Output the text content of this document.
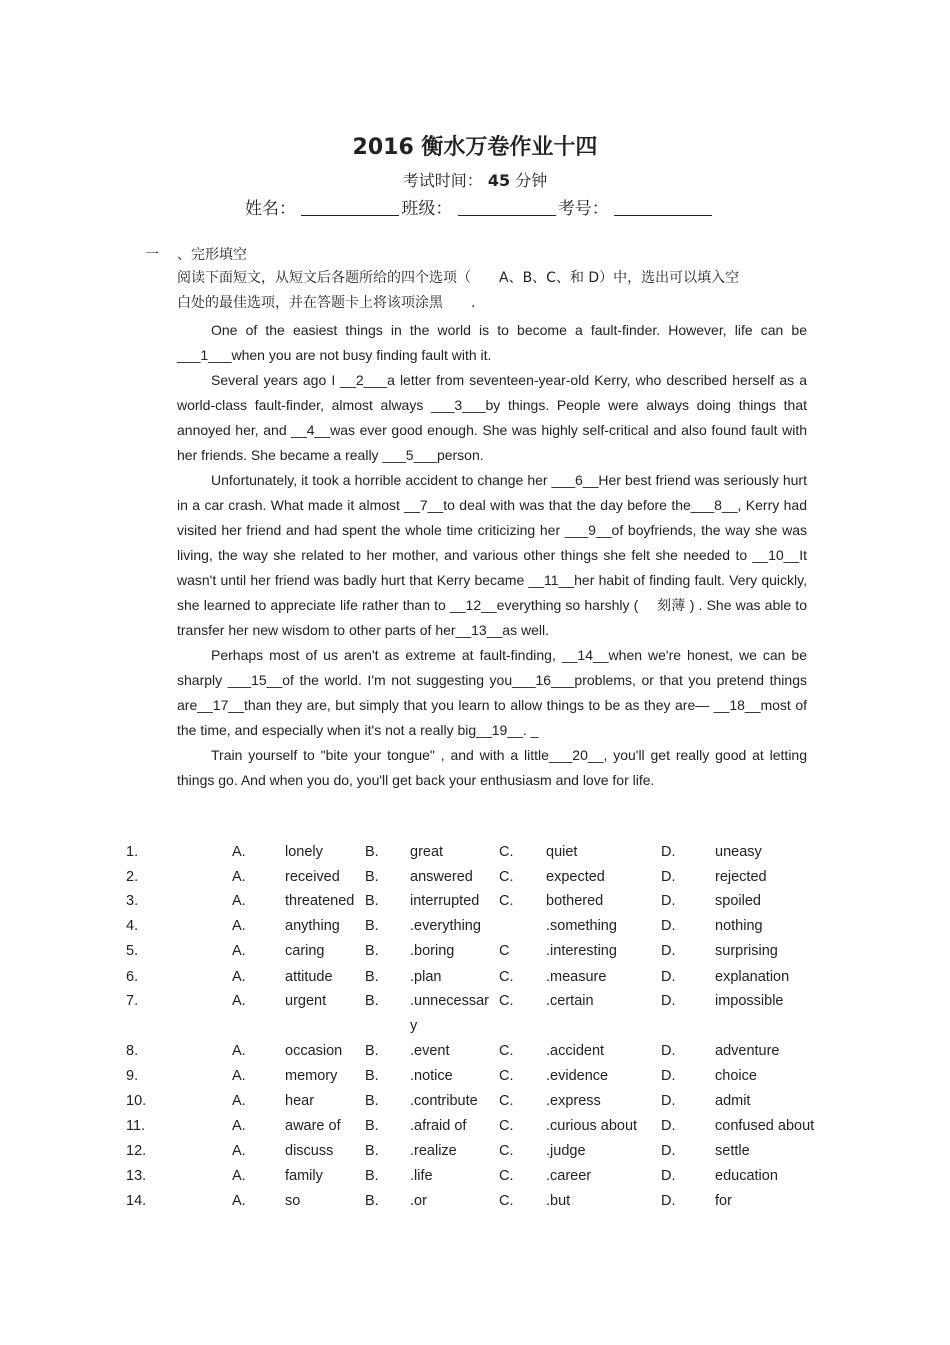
2016 衡水万卷作业十四
考试时间： 45 分钟
姓名：	班级：	考号：
一 、完形填空
阅读下面短文，从短文后各题所给的四个选项（　　A、B、C、和 D）中，选出可以填入空
白处的最佳选项，并在答题卡上将该项涂黑　　.

One of the easiest things in the world is to become a fault-finder. However, life can be ___1___when you are not busy finding fault with it.

Several years ago I __2___a letter from seventeen-year-old Kerry, who described herself as a world-class fault-finder, almost always ___3___by things. People were always doing things that annoyed her, and __4__was ever good enough. She was highly self-critical and also found fault with her friends. She became a really ___5___person.

Unfortunately, it took a horrible accident to change her ___6__Her best friend was seriously hurt in a car crash. What made it almost __7__to deal with was that the day before the___8__, Kerry had visited her friend and had spent the whole time criticizing her ___9__of boyfriends, the way she was living, the way she related to her mother, and various other things she felt she needed to __10__It wasn't until her friend was badly hurt that Kerry became __11__her habit of finding fault. Very quickly, she learned to appreciate life rather than to __12__everything so harshly (　 刻薄 ) . She was able to transfer her new wisdom to other parts of her__13__as well.

Perhaps most of us aren't as extreme at fault-finding, __14__when we're honest, we can be sharply ___15__of the world. I'm not suggesting you___16___problems, or that you pretend things are__17__than they are, but simply that you learn to allow things to be as they are— __18__most of the time, and especially when it's not a really big__19__. _

Train yourself to "bite your tongue" , and with a little___20__, you'll get really good at letting things go. And when you do, you'll get back your enthusiasm and love for life.

1.	A.	lonely	B. great	C. quiet	D.	uneasy
2.	A.	received B. answered C. expected	D.	rejected
3.	A.	threatened B. interrupted C. bothered	D.	spoiled
4.	A.	anything B. .everything	.something	D.	nothing
5.	A.	caring	B. .boring	C	.interesting	D.	surprising
6.	A.	attitude B. .plan	C. .measure	D.	explanation
7.	A.	urgent	B. .unnecessar C. .certain	D.	impossible
y
8.	A.	occasion B. .event	C. .accident	D.	adventure
9.	A.	memory B. .notice	C. .evidence	D.	choice
10.	A.	hear	B. .contribute C. .express	D.	admit
11.	A.	aware of B. .afraid of C. .curious about D.	confused about
12.	A.	discuss B. .realize	C. .judge	D.	settle
13.	A.	family	B. .life	C. .career	D.	education
14.	A.	so	B. .or	C. .but	D.	for
